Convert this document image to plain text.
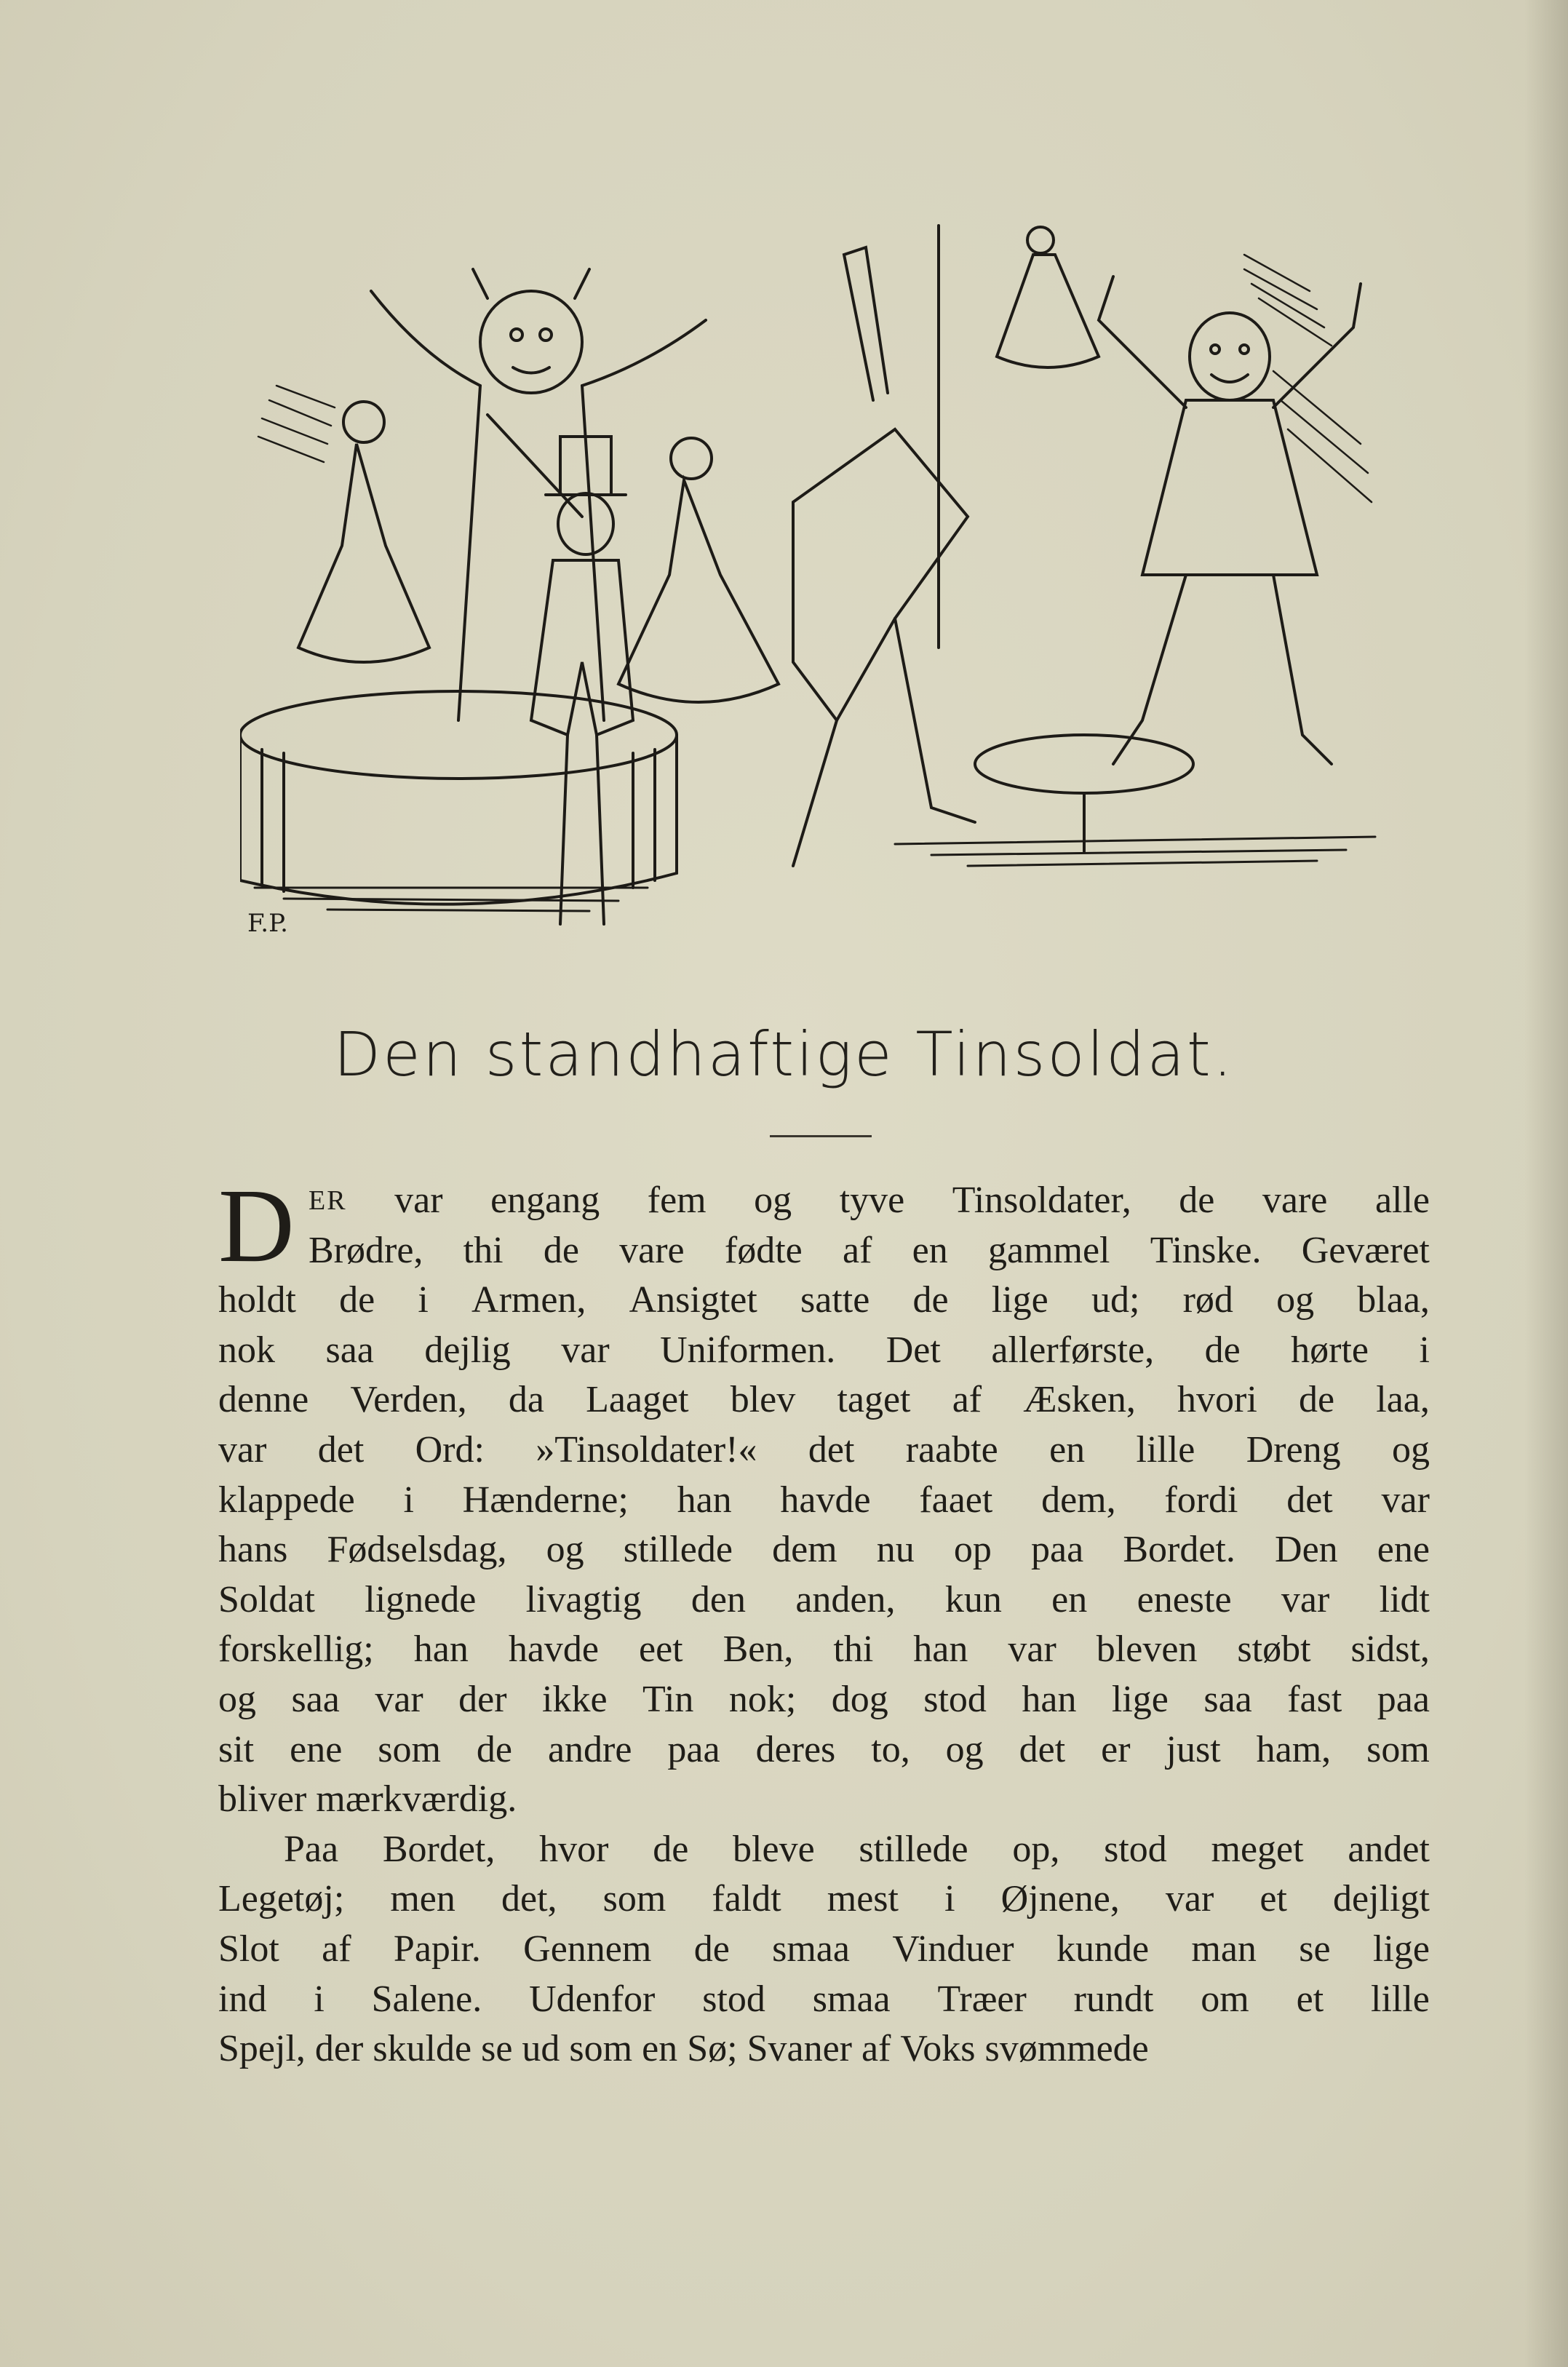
F.P.
Den standhaftige Tinsoldat.
D ER var engang fem og tyve Tinsoldater, de vare alle
Brødre, thi de vare fødte af en gammel Tinske. Geværet
holdt de i Armen, Ansigtet satte de lige ud; rød og blaa,
nok saa dejlig var Uniformen. Det allerførste, de hørte i
denne Verden, da Laaget blev taget af Æsken, hvori de laa,
var det Ord: »Tinsoldater!« det raabte en lille Dreng og
klappede i Hænderne; han havde faaet dem, fordi det var
hans Fødselsdag, og stillede dem nu op paa Bordet. Den ene
Soldat lignede livagtig den anden, kun en eneste var lidt
forskellig; han havde eet Ben, thi han var bleven støbt sidst,
og saa var der ikke Tin nok; dog stod han lige saa fast paa
sit ene som de andre paa deres to, og det er just ham, som
bliver mærkværdig.
Paa Bordet, hvor de bleve stillede op, stod meget andet
Legetøj; men det, som faldt mest i Øjnene, var et dejligt
Slot af Papir. Gennem de smaa Vinduer kunde man se lige
ind i Salene. Udenfor stod smaa Træer rundt om et lille
Spejl, der skulde se ud som en Sø; Svaner af Voks svømmede
